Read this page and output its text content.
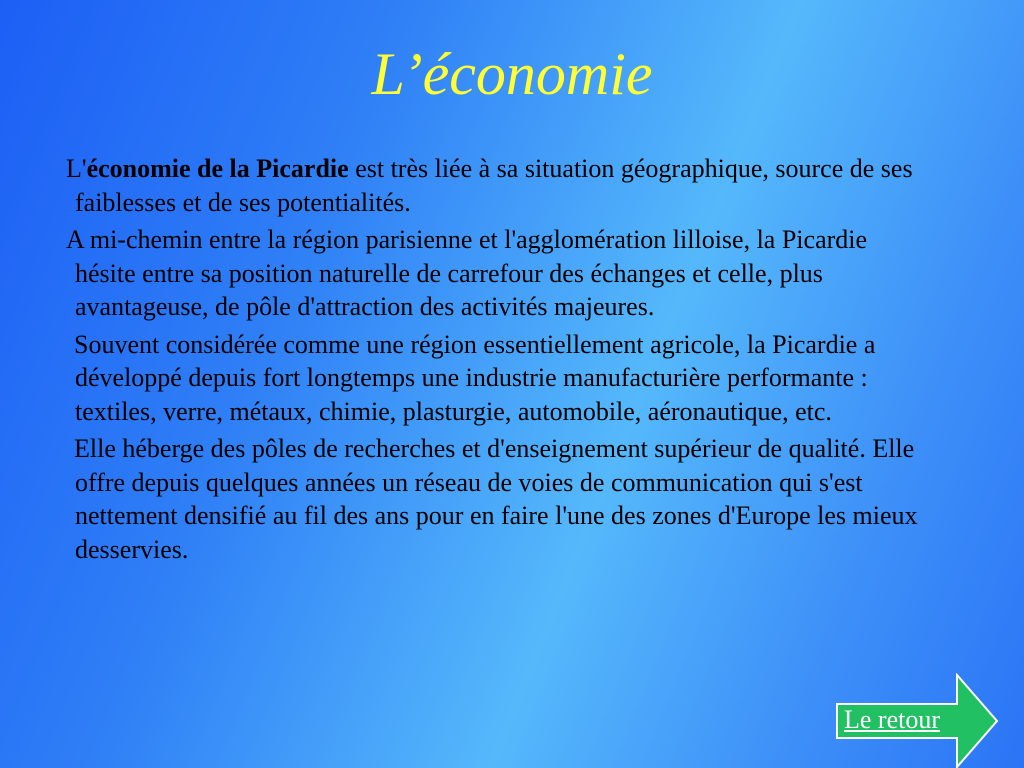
L’économie

L'économie de la Picardie est très liée à sa situation géographique, source de ses faiblesses et de ses potentialités.

A mi-chemin entre la région parisienne et l'agglomération lilloise, la Picardie hésite entre sa position naturelle de carrefour des échanges et celle, plus avantageuse, de pôle d'attraction des activités majeures.

Souvent considérée comme une région essentiellement agricole, la Picardie a développé depuis fort longtemps une industrie manufacturière performante : textiles, verre, métaux, chimie, plasturgie, automobile, aéronautique, etc.

Elle héberge des pôles de recherches et d'enseignement supérieur de qualité. Elle offre depuis quelques années un réseau de voies de communication qui s'est nettement densifié au fil des ans pour en faire l'une des zones d'Europe les mieux desservies.

Le retour
